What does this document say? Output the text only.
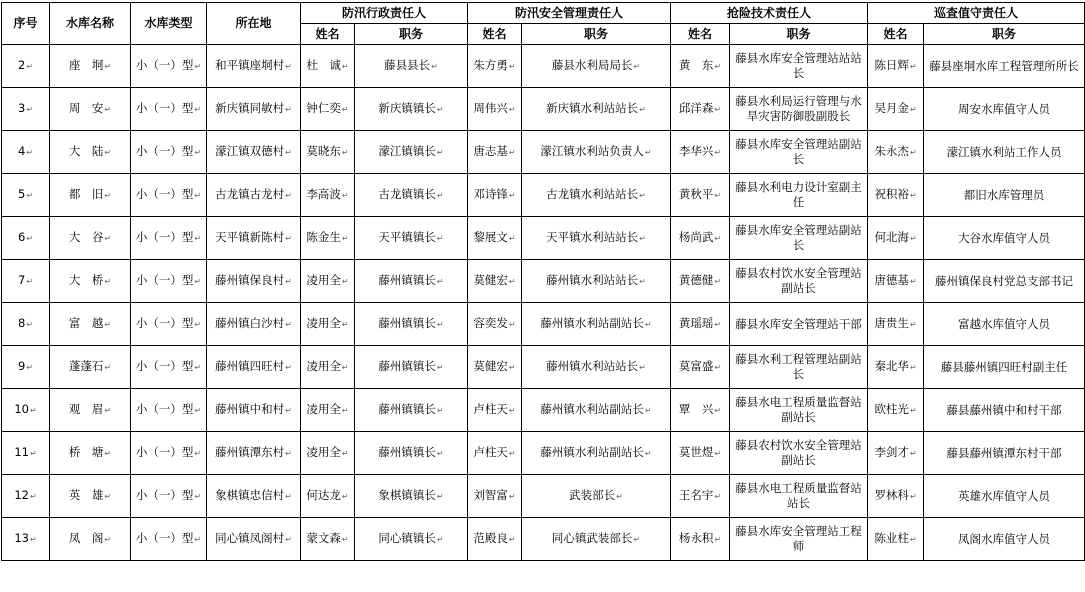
序号	水库名称	水库类型	所在地	防汛行政责任人		防汛安全管理责任人		抢险技术责任人		巡查值守责任人	
				姓名	职务	姓名	职务	姓名	职务	姓名	职务
2 ↵	座　垌 ↵	小（一）型 ↵	和平镇座垌村 ↵	杜　诚 ↵	藤县县长 ↵	朱方勇 ↵	藤县水利局局长 ↵	黄　东 ↵	藤县水库安全管理站站站长	陈日辉 ↵	藤县座垌水库工程管理所所长
3 ↵	周　安 ↵	小（一）型 ↵	新庆镇同敏村 ↵	钟仁奕 ↵	新庆镇镇长 ↵	周伟兴 ↵	新庆镇水利站站长 ↵	邱洋森 ↵	藤县水利局运行管理与水旱灾害防御股副股长	吴月金 ↵	周安水库值守人员
4 ↵	大　陆 ↵	小（一）型 ↵	濛江镇双德村 ↵	莫晓东 ↵	濛江镇镇长 ↵	唐志基 ↵	濛江镇水利站负责人 ↵	李华兴 ↵	藤县水库安全管理站副站长	朱永杰 ↵	濛江镇水利站工作人员
5 ↵	都　旧 ↵	小（一）型 ↵	古龙镇古龙村 ↵	李高波 ↵	古龙镇镇长 ↵	邓诗锋 ↵	古龙镇水利站站长 ↵	黄秋平 ↵	藤县水利电力设计室副主任	祝积裕 ↵	都旧水库管理员
6 ↵	大　谷 ↵	小（一）型 ↵	天平镇新陈村 ↵	陈金生 ↵	天平镇镇长 ↵	黎展文 ↵	天平镇水利站站长 ↵	杨尚武 ↵	藤县水库安全管理站副站长	何北海 ↵	大谷水库值守人员
7 ↵	大　桥 ↵	小（一）型 ↵	藤州镇保良村 ↵	凌用全 ↵	藤州镇镇长 ↵	莫健宏 ↵	藤州镇水利站站长 ↵	黄德健 ↵	藤县农村饮水安全管理站副站长	唐德基 ↵	藤州镇保良村党总支部书记
8 ↵	富　越 ↵	小（一）型 ↵	藤州镇白沙村 ↵	凌用全 ↵	藤州镇镇长 ↵	容奕发 ↵	藤州镇水利站副站长 ↵	黄瑶瑶 ↵	藤县水库安全管理站干部	唐贵生 ↵	富越水库值守人员
9 ↵	蓬蓬石 ↵	小（一）型 ↵	藤州镇四旺村 ↵	凌用全 ↵	藤州镇镇长 ↵	莫健宏 ↵	藤州镇水利站站长 ↵	莫富盛 ↵	藤县水利工程管理站副站长	秦北华 ↵	藤县藤州镇四旺村副主任
10 ↵	观　眉 ↵	小（一）型 ↵	藤州镇中和村 ↵	凌用全 ↵	藤州镇镇长 ↵	卢柱天 ↵	藤州镇水利站副站长 ↵	覃　兴 ↵	藤县水电工程质量监督站副站长	欧柱光 ↵	藤县藤州镇中和村干部
11 ↵	桥　塘 ↵	小（一）型 ↵	藤州镇潭东村 ↵	凌用全 ↵	藤州镇镇长 ↵	卢柱天 ↵	藤州镇水利站副站长 ↵	莫世煜 ↵	藤县农村饮水安全管理站副站长	李剑才 ↵	藤县藤州镇潭东村干部
12 ↵	英　雄 ↵	小（一）型 ↵	象棋镇忠信村 ↵	何达龙 ↵	象棋镇镇长 ↵	刘智富 ↵	武装部长 ↵	王名宇 ↵	藤县水电工程质量监督站站长	罗林科 ↵	英雄水库值守人员
13 ↵	凤　阁 ↵	小（一）型 ↵	同心镇凤阁村 ↵	蒙文森 ↵	同心镇镇长 ↵	范殿良 ↵	同心镇武装部长 ↵	杨永积 ↵	藤县水库安全管理站工程师	陈业柱 ↵	凤阁水库值守人员
